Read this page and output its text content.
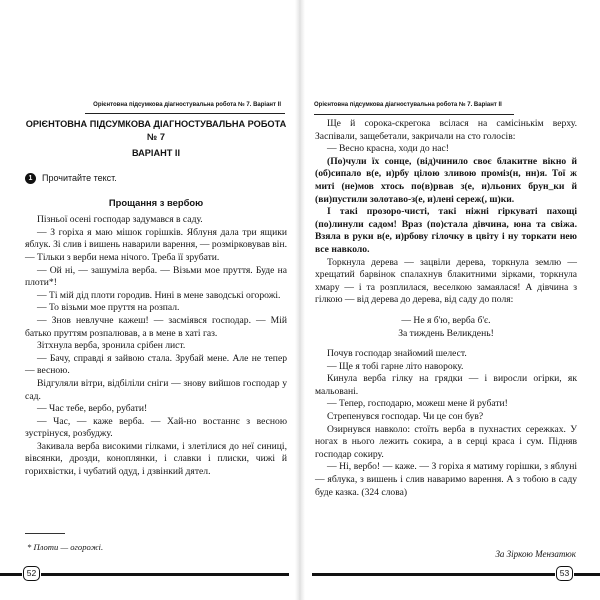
Орієнтовна підсумкова діагностувальна робота № 7. Варіант ІІ

ОРІЄНТОВНА ПІДСУМКОВА ДІАГНОСТУВАЛЬНА РОБОТА № 7

ВАРІАНТ ІІ

1	Прочитайте текст.

Прощання з вербою

Пізньої осені господар задумався в саду.

— З горіха я маю мішок горішків. Яблуня дала три ящики яблук. Зі слив і вишень наварили варення, — розмірковував він. — Тільки з верби нема нічого. Треба її зрубати.

— Ой ні, — зашуміла верба. — Візьми мое пруття. Буде на плоти*!

— Ті мій дід плоти городив. Нині в мене заводські огорожі.

— То візьми мое пруття на розпал.

— Знов невлучне кажеш! — засміявся господар. — Мій батько пруттям розпалював, а в мене в хаті газ.

Зітхнула верба, зронила срібен лист.

— Бачу, справді я зайвою стала. Зрубай мене. Але не тепер — весною.

Відгуляли вітри, відбіліли сніги — знову вийшов господар у сад.

— Час тебе, вербо, рубати!

— Час, — каже верба. — Хай-но востаннє з весною зустрінуся, розбуджу.

Закивала верба високими гілками, і злетілися до неї синиці, вівсянки, дрозди, коноплянки, і славки і плиски, чижі й горихвістки, і чубатий одуд, і дзвінкий дятел.

* Плоти — огорожі.
52
Орієнтовна підсумкова діагностувальна робота № 7. Варіант ІІ

Ще й сорока-скрегока всілася на самісінькім верху. Заспівали, защебетали, закричали на сто голосів:

— Весно красна, ходи до нас!

(По)чули їх сонце, (від)чинило своє блакитне вікно й (об)сипало в(е, и)рбу цілою зливою проміз(н, нн)я. Тої ж миті (не)мов хтось по(в)рвав з(е, и)льоних брун_ки й (ви)пустили золотаво-з(е, и)лені сереж(, ш)ки.

І такі прозоро-чисті, такі ніжні гіркуваті пахощі (по)линули садом! Враз (по)стала дівчина, юна та свіжа. Взяла в руки в(е, и)рбову гілочку в цвіту і ну торкати нею все навколо.

Торкнула дерева — зацвіли дерева, торкнула землю — хрещатий барвінок спалахнув блакитними зірками, торкнула хмару — і та розплилася, веселкою замаялася! А дівчина з гілкою — від дерева до дерева, від саду до поля:

— Не я б'ю, верба б'є.
За тиждень Великдень!

Почув господар знайомий шелест.

— Ще я тобі гарне літо навороку.

Кинула верба гілку на грядки — і виросли огірки, як мальовані.

— Тепер, господарю, можеш мене й рубати!

Стрепенувся господар. Чи це сон був?

Озирнувся навколо: стоїть верба в пухнастих сережках. У ногах в нього лежить сокира, а в серці краса і сум. Підняв господар сокиру.

— Ні, вербо! — каже. — З горіха я матиму горішки, з яблуні — яблука, з вишень і слив наваримо варення. А з тобою в саду буде казка. (324 слова)

За Зіркою Мензатюк
53
